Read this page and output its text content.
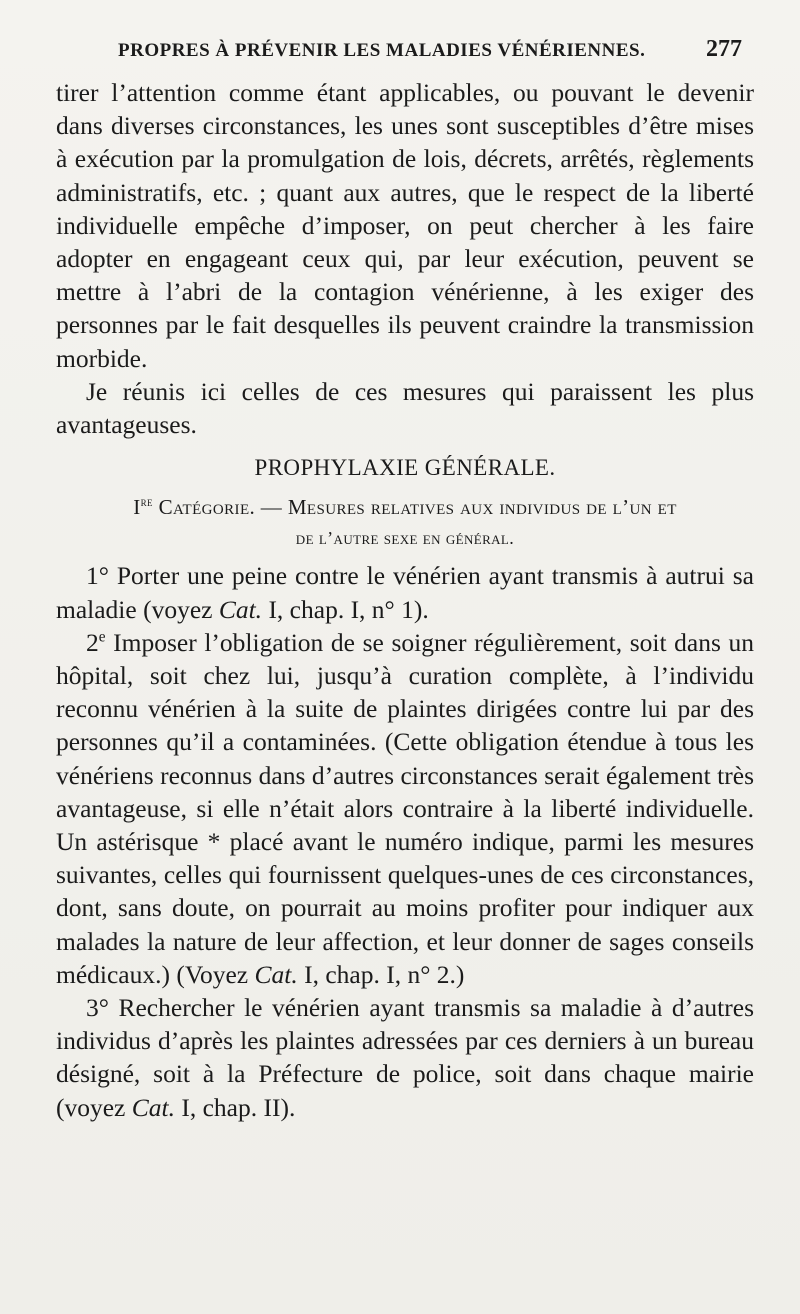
PROPRES À PRÉVENIR LES MALADIES VÉNÉRIENNES.	277

tirer l’attention comme étant applicables, ou pouvant le devenir dans diverses circonstances, les unes sont susceptibles d’être mises à exécution par la promulgation de lois, décrets, arrêtés, règlements administratifs, etc. ; quant aux autres, que le respect de la liberté individuelle empêche d’imposer, on peut chercher à les faire adopter en engageant ceux qui, par leur exécution, peuvent se mettre à l’abri de la contagion vénérienne, à les exiger des personnes par le fait desquelles ils peuvent craindre la transmission morbide.

Je réunis ici celles de ces mesures qui paraissent les plus avantageuses.

PROPHYLAXIE GÉNÉRALE.
Ire Catégorie. — Mesures relatives aux individus de l’un et
de l’autre sexe en général.

1° Porter une peine contre le vénérien ayant transmis à autrui sa maladie (voyez Cat. I, chap. I, n° 1).

2e Imposer l’obligation de se soigner régulièrement, soit dans un hôpital, soit chez lui, jusqu’à curation complète, à l’individu reconnu vénérien à la suite de plaintes dirigées contre lui par des personnes qu’il a contaminées. (Cette obligation étendue à tous les vénériens reconnus dans d’autres circonstances serait également très avantageuse, si elle n’était alors contraire à la liberté individuelle. Un astérisque * placé avant le numéro indique, parmi les mesures suivantes, celles qui fournissent quelques-unes de ces circonstances, dont, sans doute, on pourrait au moins profiter pour indiquer aux malades la nature de leur affection, et leur donner de sages conseils médicaux.) (Voyez Cat. I, chap. I, n° 2.)

3° Rechercher le vénérien ayant transmis sa maladie à d’autres individus d’après les plaintes adressées par ces derniers à un bureau désigné, soit à la Préfecture de police, soit dans chaque mairie (voyez Cat. I, chap. II).
